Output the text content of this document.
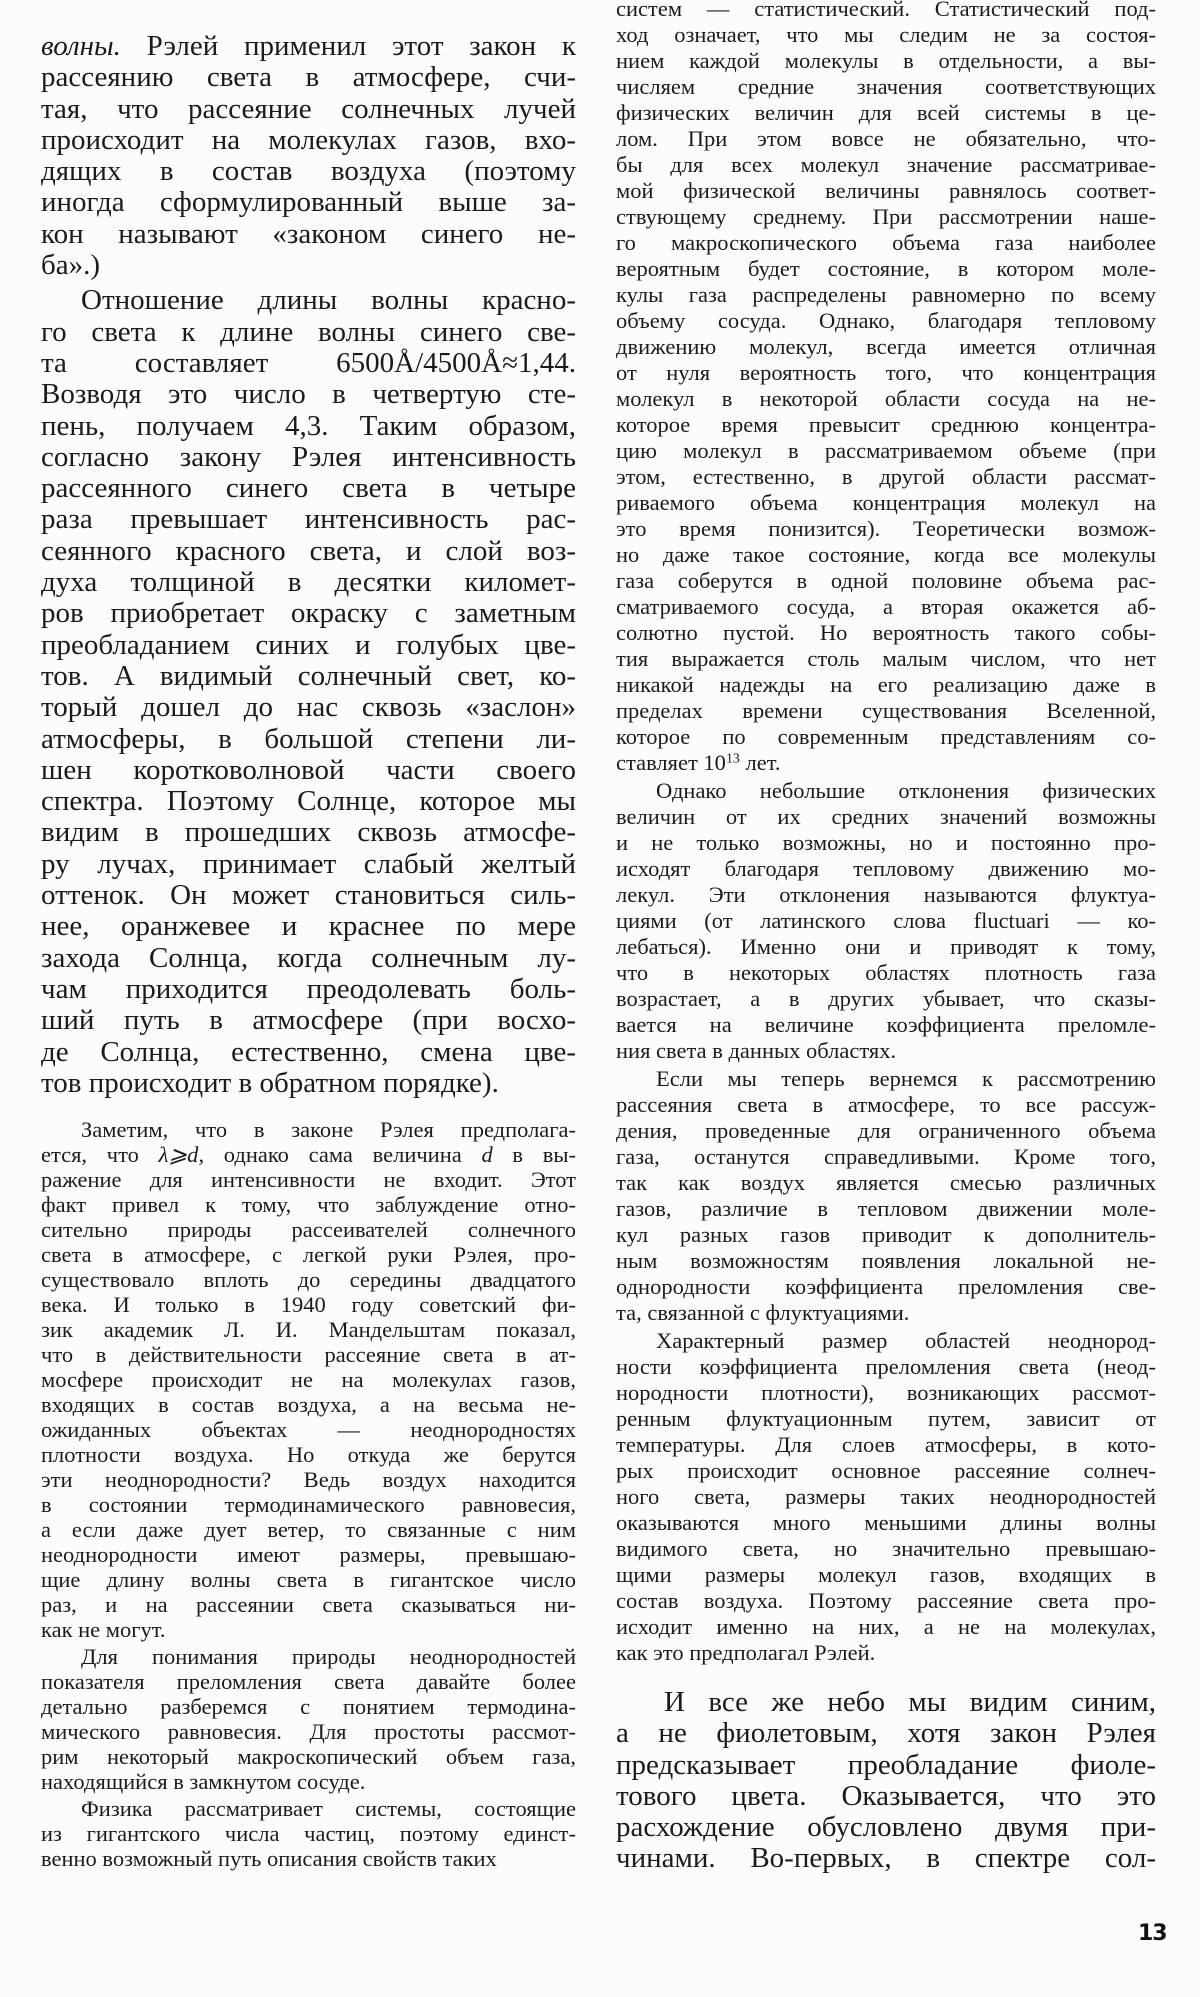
волны. Рэлей применил этот закон к
рассеянию света в атмосфере, счи-
тая, что рассеяние солнечных лучей
происходит на молекулах газов, вхо-
дящих в состав воздуха (поэтому
иногда сформулированный выше за-
кон называют «законом синего не-
ба».)
Отношение длины волны красно-
го света к длине волны синего све-
та составляет 6500Å/4500Å≈1,44.
Возводя это число в четвертую сте-
пень, получаем 4,3. Таким образом,
согласно закону Рэлея интенсивность
рассеянного синего света в четыре
раза превышает интенсивность рас-
сеянного красного света, и слой воз-
духа толщиной в десятки километ-
ров приобретает окраску с заметным
преобладанием синих и голубых цве-
тов. А видимый солнечный свет, ко-
торый дошел до нас сквозь «заслон»
атмосферы, в большой степени ли-
шен коротковолновой части своего
спектра. Поэтому Солнце, которое мы
видим в прошедших сквозь атмосфе-
ру лучах, принимает слабый желтый
оттенок. Он может становиться силь-
нее, оранжевее и краснее по мере
захода Солнца, когда солнечным лу-
чам приходится преодолевать боль-
ший путь в атмосфере (при восхо-
де Солнца, естественно, смена цве-
тов происходит в обратном порядке).
Заметим, что в законе Рэлея предполага-
ется, что λ⩾d, однако сама величина d в вы-
ражение для интенсивности не входит. Этот
факт привел к тому, что заблуждение отно-
сительно природы рассеивателей солнечного
света в атмосфере, с легкой руки Рэлея, про-
существовало вплоть до середины двадцатого
века. И только в 1940 году советский фи-
зик академик Л. И. Мандельштам показал,
что в действительности рассеяние света в ат-
мосфере происходит не на молекулах газов,
входящих в состав воздуха, а на весьма не-
ожиданных объектах — неоднородностях
плотности воздуха. Но откуда же берутся
эти неоднородности? Ведь воздух находится
в состоянии термодинамического равновесия,
а если даже дует ветер, то связанные с ним
неоднородности имеют размеры, превышаю-
щие длину волны света в гигантское число
раз, и на рассеянии света сказываться ни-
как не могут.
Для понимания природы неоднородностей
показателя преломления света давайте более
детально разберемся с понятием термодина-
мического равновесия. Для простоты рассмот-
рим некоторый макроскопический объем газа,
находящийся в замкнутом сосуде.
Физика рассматривает системы, состоящие
из гигантского числа частиц, поэтому единст-
венно возможный путь описания свойств таких
систем — статистический. Статистический под-
ход означает, что мы следим не за состоя-
нием каждой молекулы в отдельности, а вы-
числяем средние значения соответствующих
физических величин для всей системы в це-
лом. При этом вовсе не обязательно, что-
бы для всех молекул значение рассматривае-
мой физической величины равнялось соответ-
ствующему среднему. При рассмотрении наше-
го макроскопического объема газа наиболее
вероятным будет состояние, в котором моле-
кулы газа распределены равномерно по всему
объему сосуда. Однако, благодаря тепловому
движению молекул, всегда имеется отличная
от нуля вероятность того, что концентрация
молекул в некоторой области сосуда на не-
которое время превысит среднюю концентра-
цию молекул в рассматриваемом объеме (при
этом, естественно, в другой области рассмат-
риваемого объема концентрация молекул на
это время понизится). Теоретически возмож-
но даже такое состояние, когда все молекулы
газа соберутся в одной половине объема рас-
сматриваемого сосуда, а вторая окажется аб-
солютно пустой. Но вероятность такого собы-
тия выражается столь малым числом, что нет
никакой надежды на его реализацию даже в
пределах времени существования Вселенной,
которое по современным представлениям со-
ставляет $10^{13}$ лет.
Однако небольшие отклонения физических
величин от их средних значений возможны
и не только возможны, но и постоянно про-
исходят благодаря тепловому движению мо-
лекул. Эти отклонения называются флуктуа-
циями (от латинского слова fluctuari — ко-
лебаться). Именно они и приводят к тому,
что в некоторых областях плотность газа
возрастает, а в других убывает, что сказы-
вается на величине коэффициента преломле-
ния света в данных областях.
Если мы теперь вернемся к рассмотрению
рассеяния света в атмосфере, то все рассуж-
дения, проведенные для ограниченного объема
газа, останутся справедливыми. Кроме того,
так как воздух является смесью различных
газов, различие в тепловом движении моле-
кул разных газов приводит к дополнитель-
ным возможностям появления локальной не-
однородности коэффициента преломления све-
та, связанной с флуктуациями.
Характерный размер областей неоднород-
ности коэффициента преломления света (неод-
нородности плотности), возникающих рассмот-
ренным флуктуационным путем, зависит от
температуры. Для слоев атмосферы, в кото-
рых происходит основное рассеяние солнеч-
ного света, размеры таких неоднородностей
оказываются много меньшими длины волны
видимого света, но значительно превышаю-
щими размеры молекул газов, входящих в
состав воздуха. Поэтому рассеяние света про-
исходит именно на них, а не на молекулах,
как это предполагал Рэлей.
И все же небо мы видим синим,
а не фиолетовым, хотя закон Рэлея
предсказывает преобладание фиоле-
тового цвета. Оказывается, что это
расхождение обусловлено двумя при-
чинами. Во-первых, в спектре сол-
13
